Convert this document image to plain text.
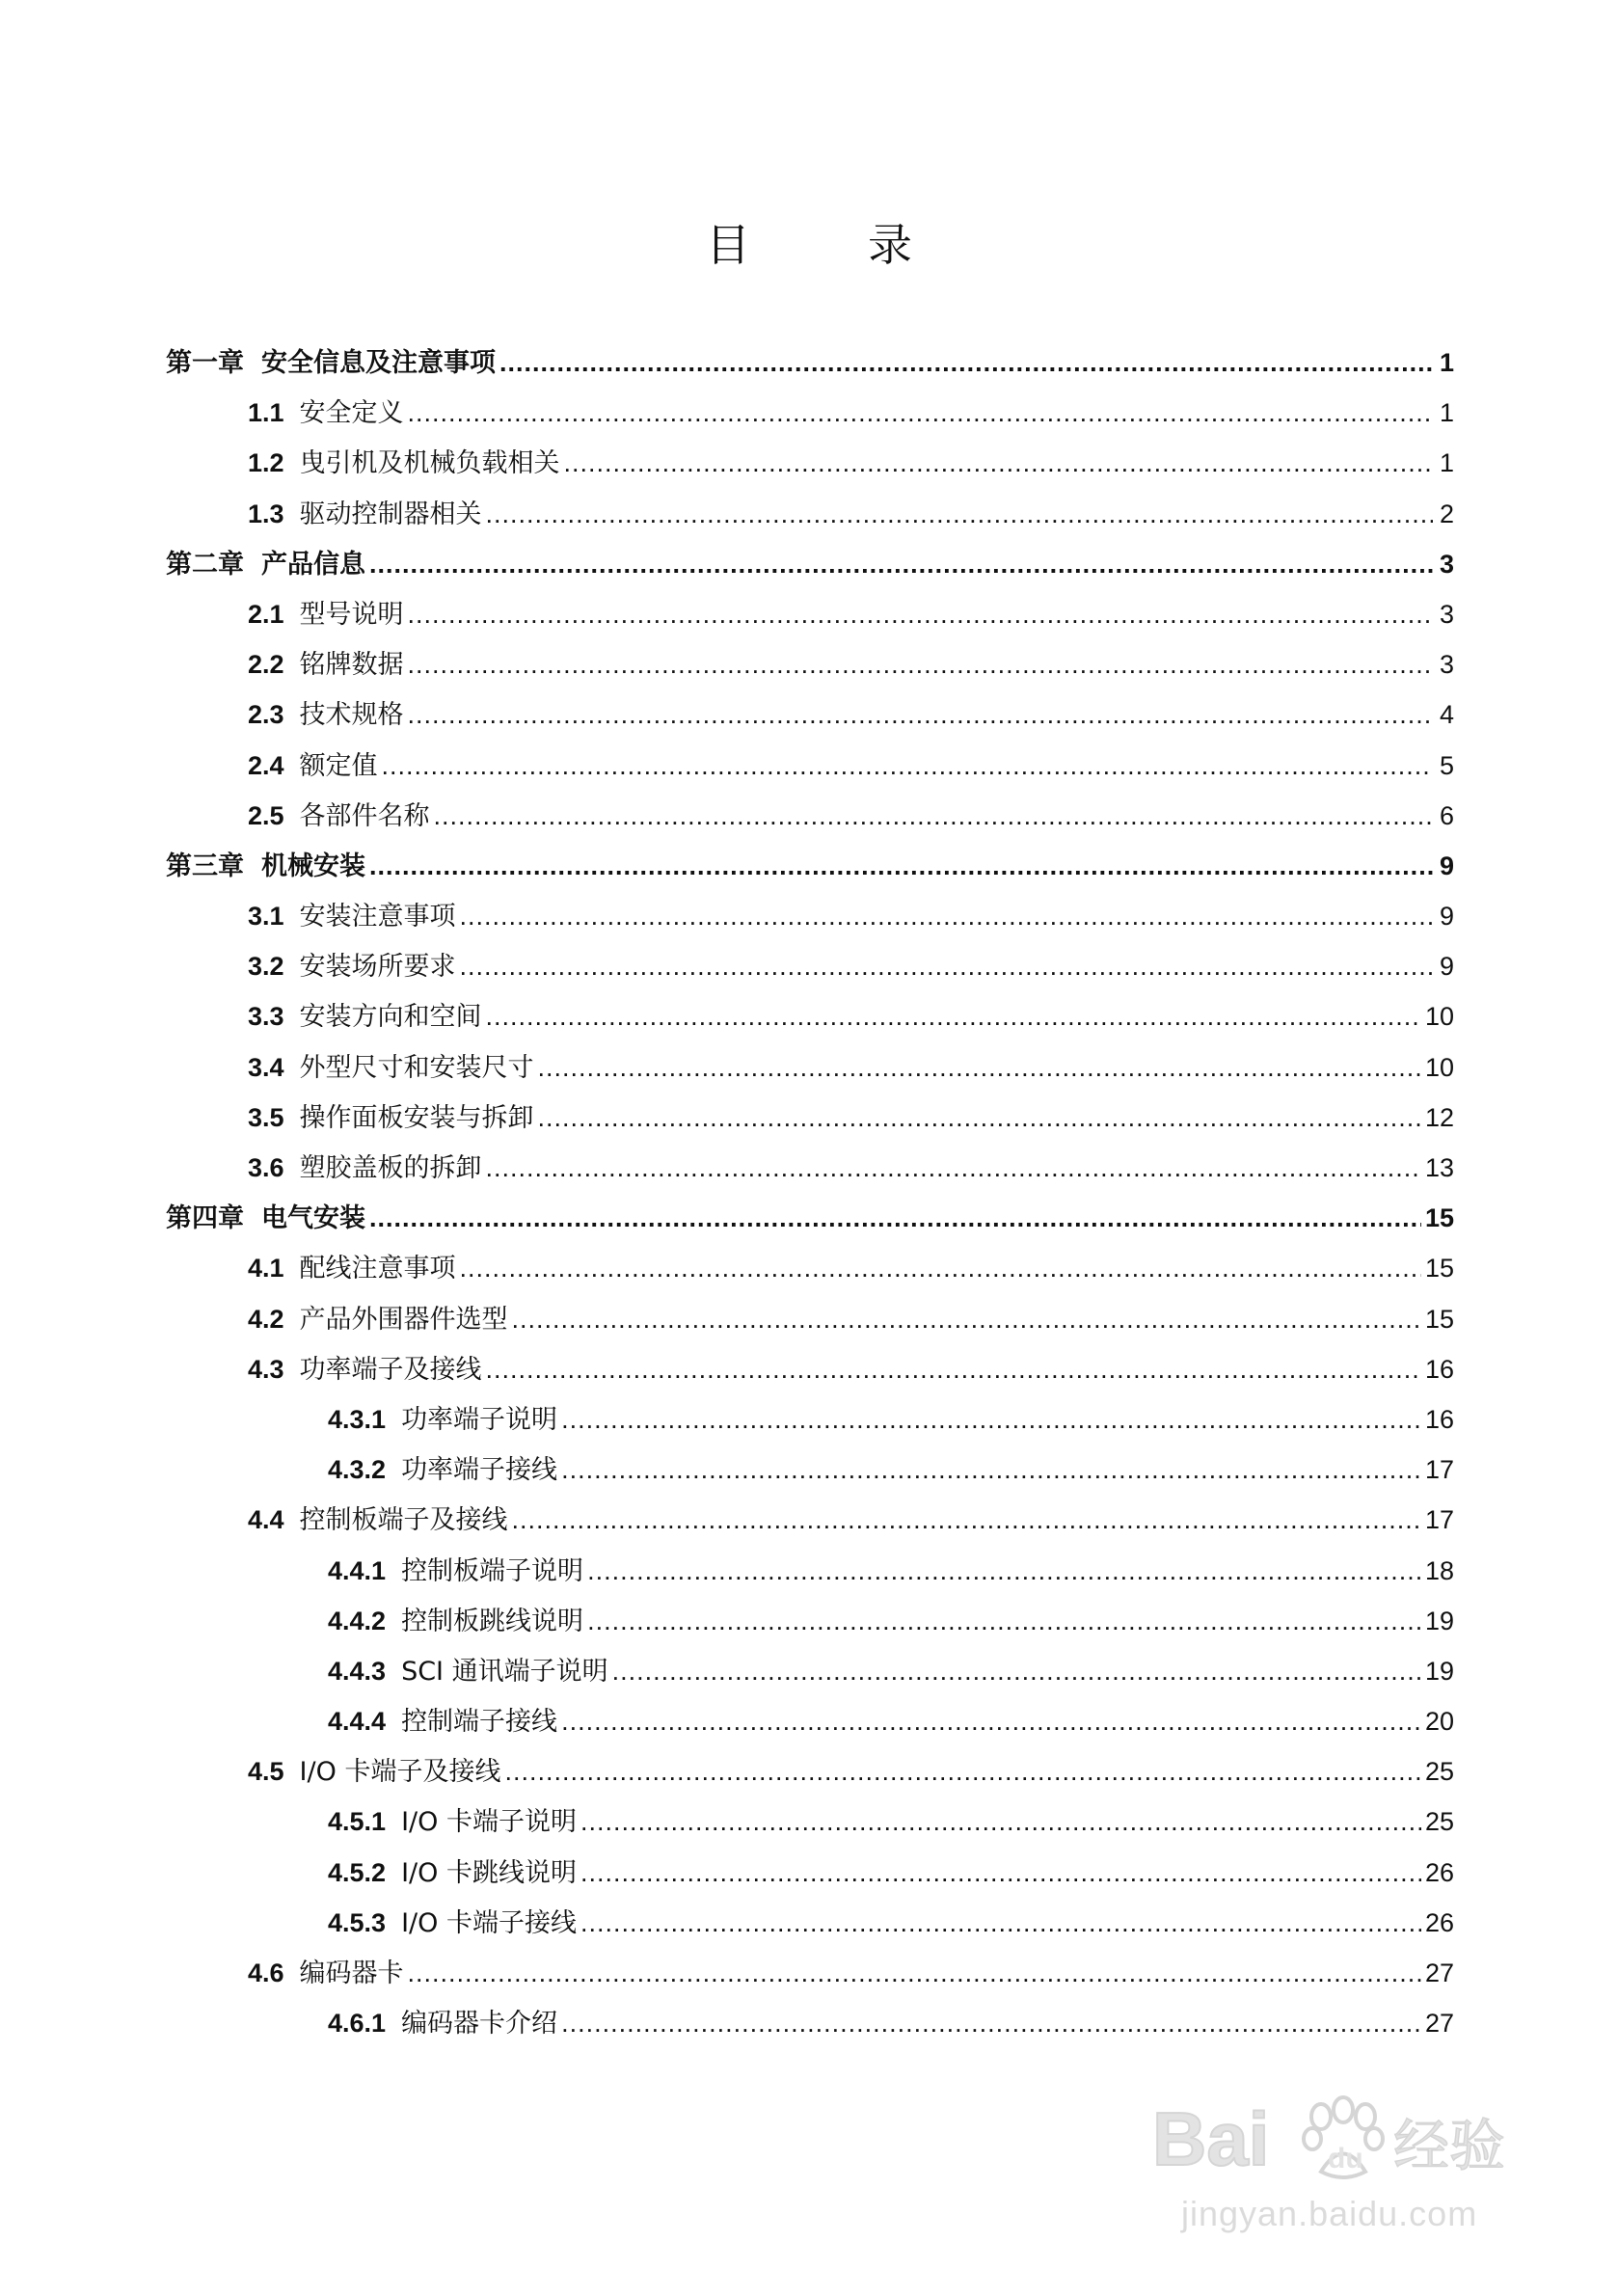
目　录
第一章 安全信息及注意事项 .....	1
1.1 安全定义 .....	1
1.2 曳引机及机械负载相关 .....	1
1.3 驱动控制器相关 .....	2
第二章 产品信息 .....	3
2.1 型号说明 .....	3
2.2 铭牌数据 .....	3
2.3 技术规格 .....	4
2.4 额定值 .....	5
2.5 各部件名称 .....	6
第三章 机械安装 .....	9
3.1 安装注意事项 .....	9
3.2 安装场所要求 .....	9
3.3 安装方向和空间 .....	10
3.4 外型尺寸和安装尺寸 .....	10
3.5 操作面板安装与拆卸 .....	12
3.6 塑胶盖板的拆卸 .....	13
第四章 电气安装 .....	15
4.1 配线注意事项 .....	15
4.2 产品外围器件选型 .....	15
4.3 功率端子及接线 .....	16
4.3.1 功率端子说明 .....	16
4.3.2 功率端子接线 .....	17
4.4 控制板端子及接线 .....	17
4.4.1 控制板端子说明 .....	18
4.4.2 控制板跳线说明 .....	19
4.4.3 SCI 通讯端子说明 .....	19
4.4.4 控制端子接线 .....	20
4.5 I/O 卡端子及接线 .....	25
4.5.1 I/O 卡端子说明 .....	25
4.5.2 I/O 卡跳线说明 .....	26
4.5.3 I/O 卡端子接线 .....	26
4.6 编码器卡 .....	27
4.6.1 编码器卡介绍 .....	27
Bai du 经验
jingyan.baidu.com
